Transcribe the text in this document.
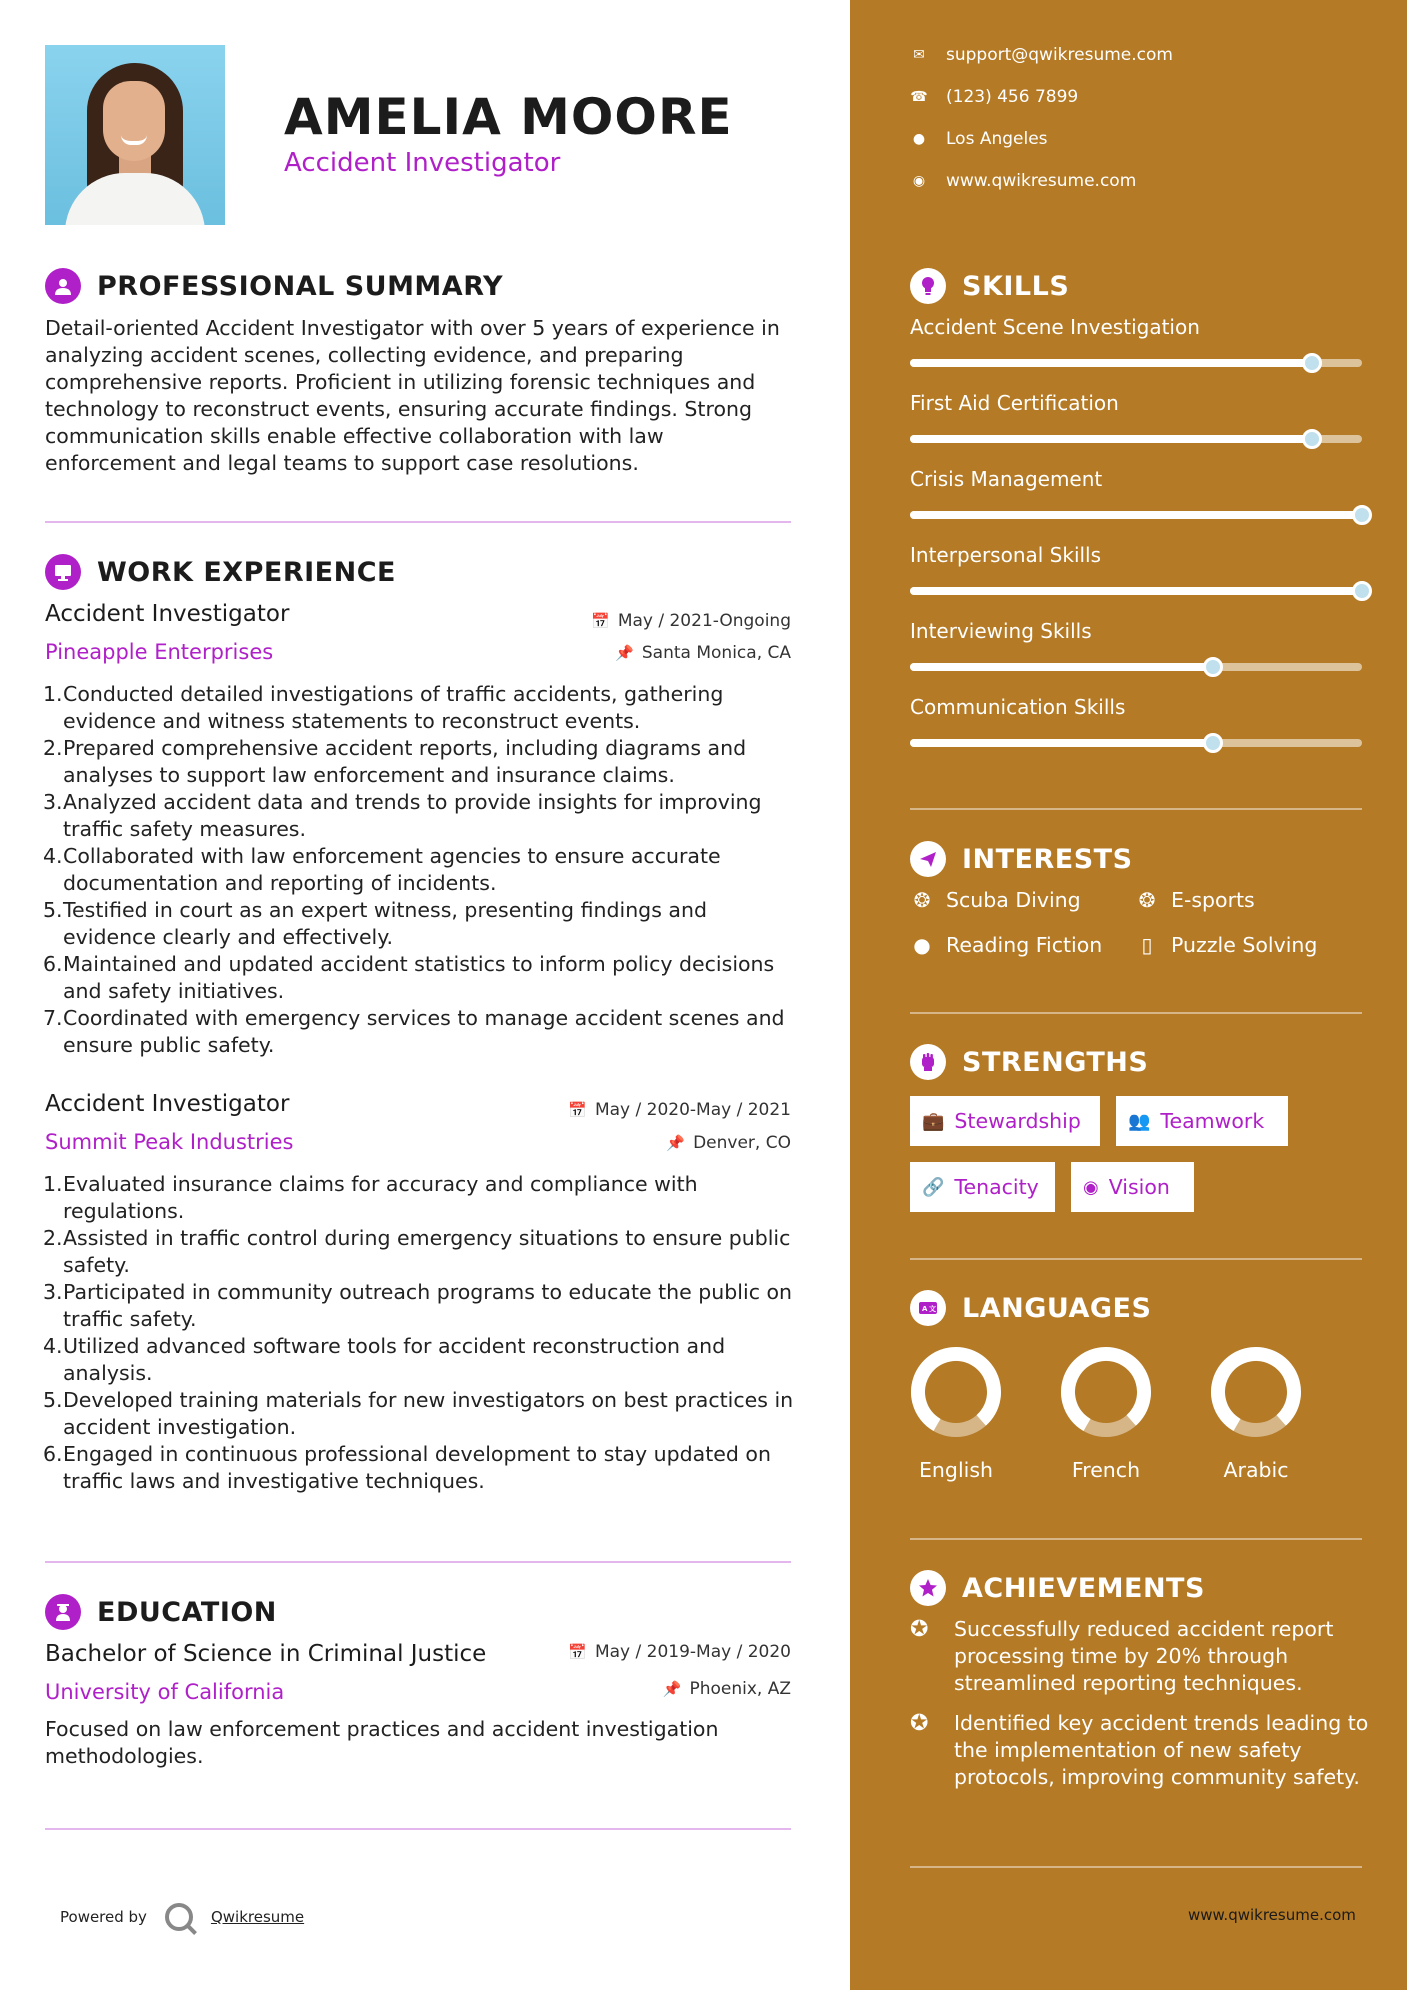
AMELIA MOORE
Accident Investigator
PROFESSIONAL SUMMARY
Detail-oriented Accident Investigator with over 5 years of experience in analyzing accident scenes, collecting evidence, and preparing comprehensive reports. Proficient in utilizing forensic techniques and technology to reconstruct events, ensuring accurate findings. Strong communication skills enable effective collaboration with law enforcement and legal teams to support case resolutions.
WORK EXPERIENCE
Accident Investigator
Pineapple Enterprises
📅 May / 2021-Ongoing
📌 Santa Monica, CA
1. Conducted detailed investigations of traffic accidents, gathering evidence and witness statements to reconstruct events.
2. Prepared comprehensive accident reports, including diagrams and analyses to support law enforcement and insurance claims.
3. Analyzed accident data and trends to provide insights for improving traffic safety measures.
4. Collaborated with law enforcement agencies to ensure accurate documentation and reporting of incidents.
5. Testified in court as an expert witness, presenting findings and evidence clearly and effectively.
6. Maintained and updated accident statistics to inform policy decisions and safety initiatives.
7. Coordinated with emergency services to manage accident scenes and ensure public safety.
Accident Investigator
Summit Peak Industries
📅 May / 2020-May / 2021
📌 Denver, CO
1. Evaluated insurance claims for accuracy and compliance with regulations.
2. Assisted in traffic control during emergency situations to ensure public safety.
3. Participated in community outreach programs to educate the public on traffic safety.
4. Utilized advanced software tools for accident reconstruction and analysis.
5. Developed training materials for new investigators on best practices in accident investigation.
6. Engaged in continuous professional development to stay updated on traffic laws and investigative techniques.
EDUCATION
Bachelor of Science in Criminal Justice
University of California
📅 May / 2019-May / 2020
📌 Phoenix, AZ
Focused on law enforcement practices and accident investigation methodologies.
Powered by	Qwikresume
✉ support@qwikresume.com
☎ (123) 456 7899
● Los Angeles
◉ www.qwikresume.com
SKILLS
Accident Scene Investigation
First Aid Certification
Crisis Management
Interpersonal Skills
Interviewing Skills
Communication Skills
INTERESTS
❂ Scuba Diving	❂ E-sports
● Reading Fiction	▯ Puzzle Solving
STRENGTHS
💼 Stewardship	👥 Teamwork
🔗 Tenacity ◉ Vision
A 文 LANGUAGES
English	French	Arabic
ACHIEVEMENTS
✪	Successfully reduced accident report processing time by 20% through streamlined reporting techniques.
✪	Identified key accident trends leading to the implementation of new safety protocols, improving community safety.
www.qwikresume.com
